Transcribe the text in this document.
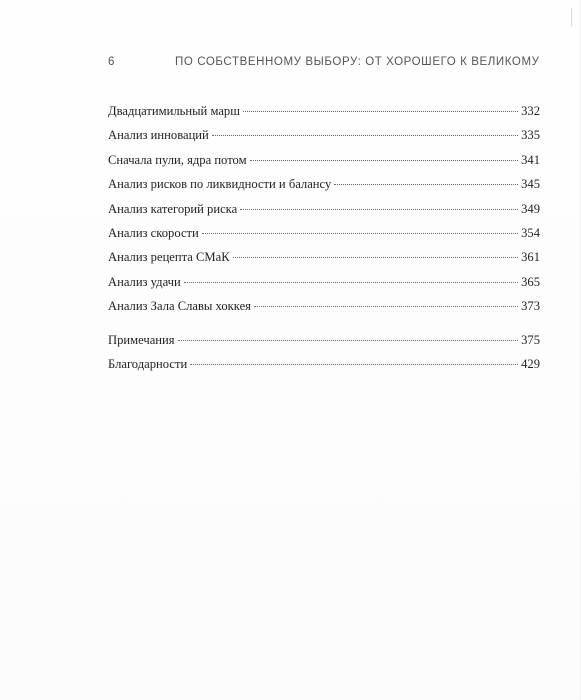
6	ПО СОБСТВЕННОМУ ВЫБОРУ: ОТ ХОРОШЕГО К ВЕЛИКОМУ
Двадцатимильный марш	332
Анализ инноваций	335
Сначала пули, ядра потом	341
Анализ рисков по ликвидности и балансу	345
Анализ категорий риска	349
Анализ скорости	354
Анализ рецепта СМаК	361
Анализ удачи	365
Анализ Зала Славы хоккея	373
Примечания	375
Благодарности	429
